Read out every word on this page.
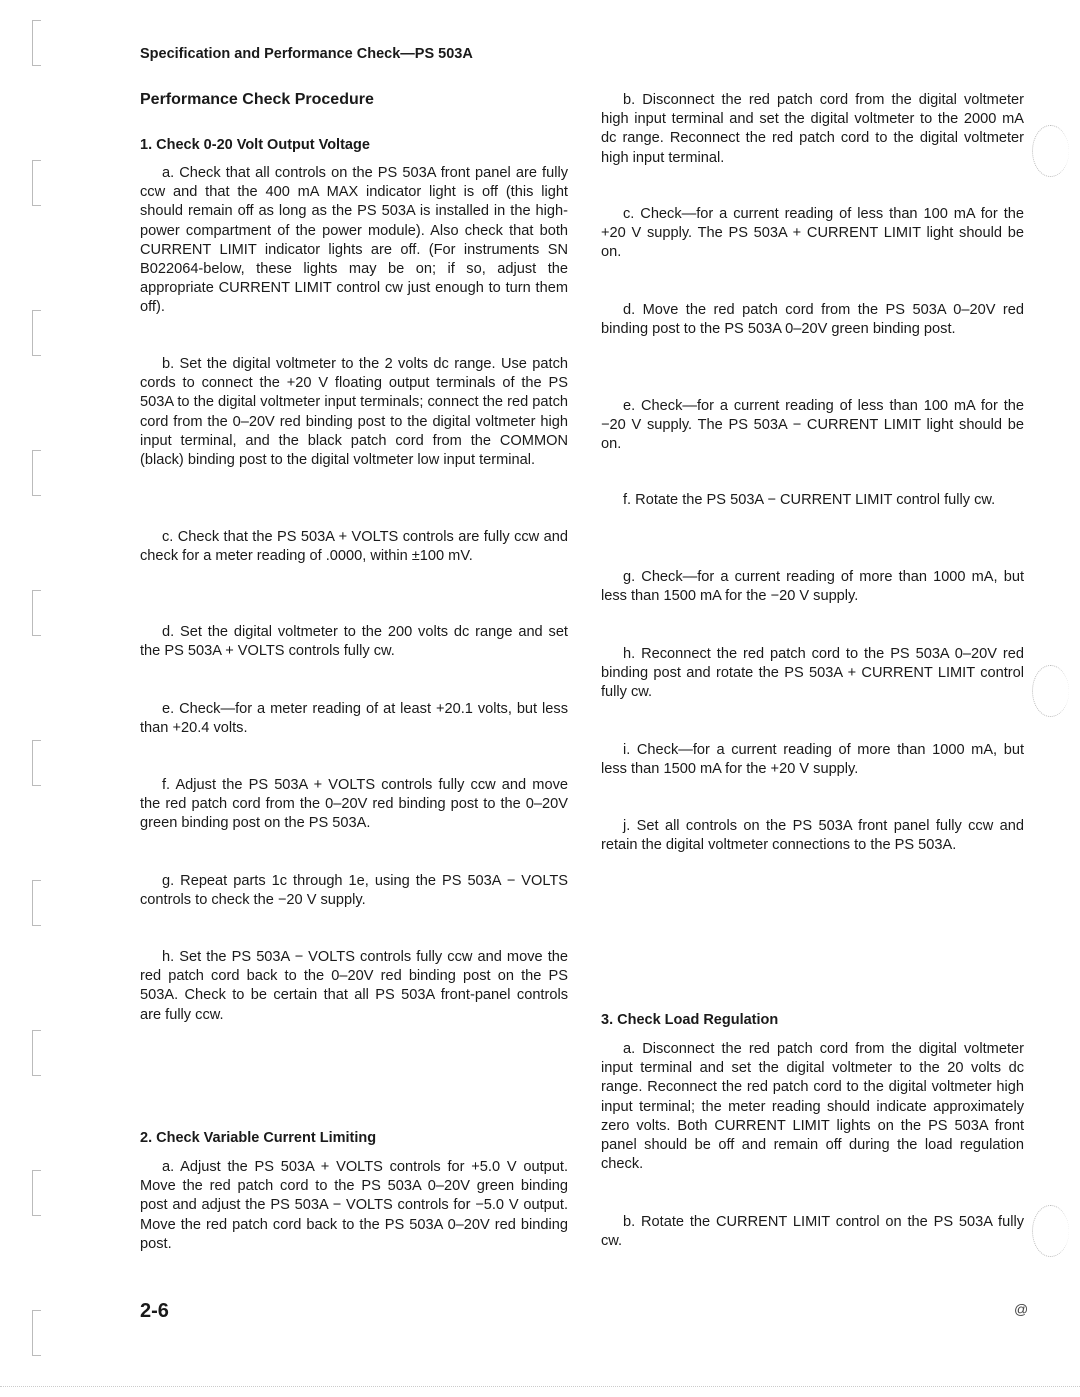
Specification and Performance Check—PS 503A
Performance Check Procedure
1. Check 0-20 Volt Output Voltage

a. Check that all controls on the PS 503A front panel are fully ccw and that the 400 mA MAX indicator light is off (this light should remain off as long as the PS 503A is installed in the high-power compartment of the power module). Also check that both CURRENT LIMIT indicator lights are off. (For instruments SN B022064-below, these lights may be on; if so, adjust the appropriate CURRENT LIMIT control cw just enough to turn them off).

b. Set the digital voltmeter to the 2 volts dc range. Use patch cords to connect the +20 V floating output terminals of the PS 503A to the digital voltmeter input terminals; connect the red patch cord from the 0–20V red binding post to the digital voltmeter high input terminal, and the black patch cord from the COMMON (black) binding post to the digital voltmeter low input terminal.

c. Check that the PS 503A + VOLTS controls are fully ccw and check for a meter reading of .0000, within ±100 mV.

d. Set the digital voltmeter to the 200 volts dc range and set the PS 503A + VOLTS controls fully cw.

e. Check—for a meter reading of at least +20.1 volts, but less than +20.4 volts.

f. Adjust the PS 503A + VOLTS controls fully ccw and move the red patch cord from the 0–20V red binding post to the 0–20V green binding post on the PS 503A.

g. Repeat parts 1c through 1e, using the PS 503A − VOLTS controls to check the −20 V supply.

h. Set the PS 503A − VOLTS controls fully ccw and move the red patch cord back to the 0–20V red binding post on the PS 503A. Check to be certain that all PS 503A front-panel controls are fully ccw.

2. Check Variable Current Limiting

a. Adjust the PS 503A + VOLTS controls for +5.0 V output. Move the red patch cord to the PS 503A 0–20V green binding post and adjust the PS 503A − VOLTS controls for −5.0 V output. Move the red patch cord back to the PS 503A 0–20V red binding post.

b. Disconnect the red patch cord from the digital voltmeter high input terminal and set the digital voltmeter to the 2000 mA dc range. Reconnect the red patch cord to the digital voltmeter high input terminal.

c. Check—for a current reading of less than 100 mA for the +20 V supply. The PS 503A + CURRENT LIMIT light should be on.

d. Move the red patch cord from the PS 503A 0–20V red binding post to the PS 503A 0–20V green binding post.

e. Check—for a current reading of less than 100 mA for the −20 V supply. The PS 503A − CURRENT LIMIT light should be on.

f. Rotate the PS 503A − CURRENT LIMIT control fully cw.

g. Check—for a current reading of more than 1000 mA, but less than 1500 mA for the −20 V supply.

h. Reconnect the red patch cord to the PS 503A 0–20V red binding post and rotate the PS 503A + CURRENT LIMIT control fully cw.

i. Check—for a current reading of more than 1000 mA, but less than 1500 mA for the +20 V supply.

j. Set all controls on the PS 503A front panel fully ccw and retain the digital voltmeter connections to the PS 503A.

3. Check Load Regulation

a. Disconnect the red patch cord from the digital voltmeter input terminal and set the digital voltmeter to the 20 volts dc range. Reconnect the red patch cord to the digital voltmeter high input terminal; the meter reading should indicate approximately zero volts. Both CURRENT LIMIT lights on the PS 503A front panel should be off and remain off during the load regulation check.

b. Rotate the CURRENT LIMIT control on the PS 503A fully cw.

2-6	@
